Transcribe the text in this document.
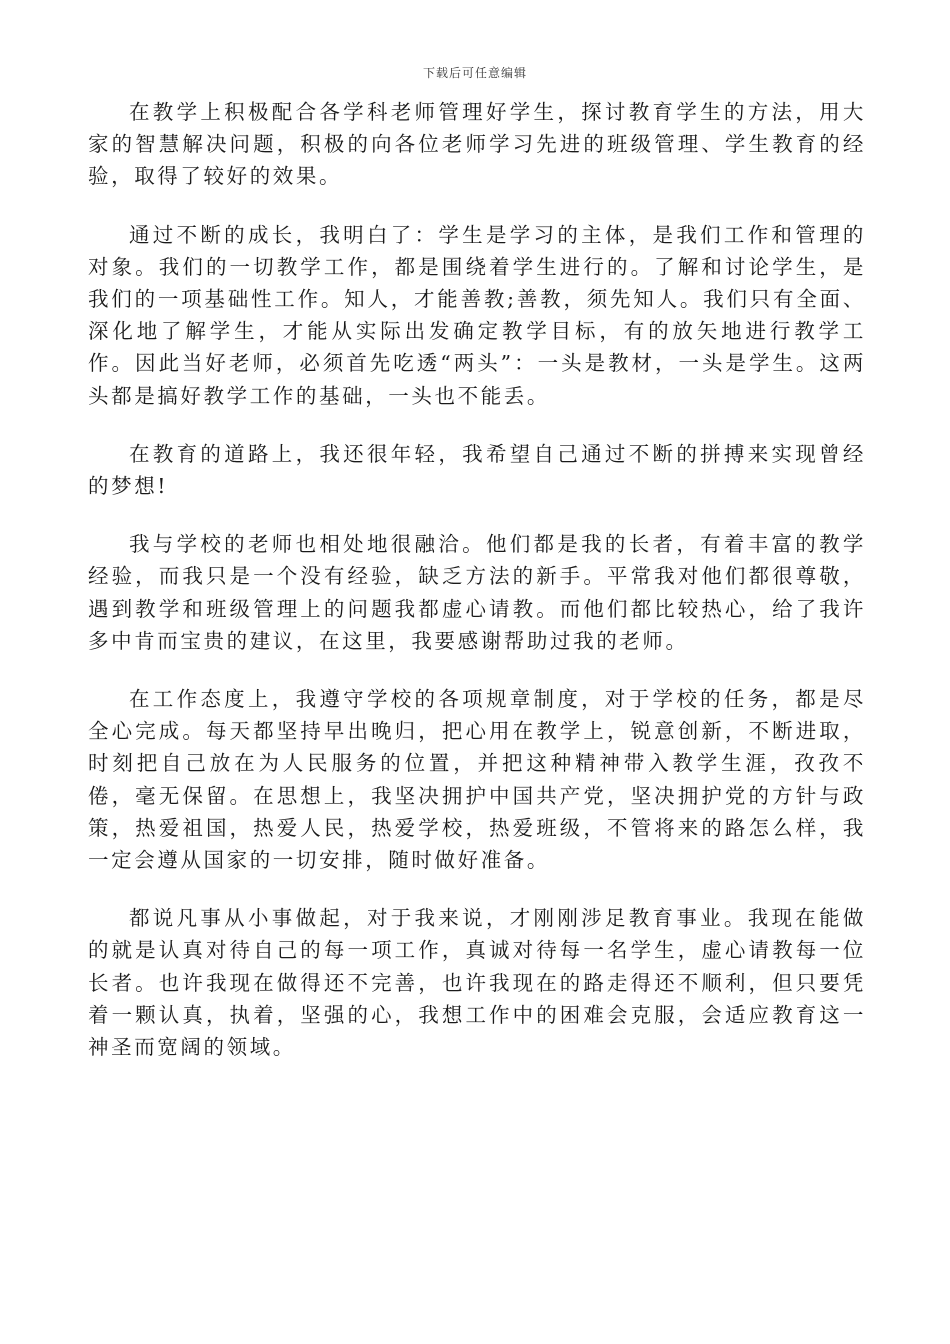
下载后可任意编辑

在教学上积极配合各学科老师管理好学生，探讨教育学生的方法，用大家的智慧解决问题，积极的向各位老师学习先进的班级管理、学生教育的经验，取得了较好的效果。

通过不断的成长，我明白了：学生是学习的主体，是我们工作和管理的对象。我们的一切教学工作，都是围绕着学生进行的。了解和讨论学生，是我们的一项基础性工作。知人，才能善教;善教，须先知人。我们只有全面、深化地了解学生，才能从实际出发确定教学目标，有的放矢地进行教学工作。因此当好老师，必须首先吃透“两头”：一头是教材，一头是学生。这两头都是搞好教学工作的基础，一头也不能丢。

在教育的道路上，我还很年轻，我希望自己通过不断的拼搏来实现曾经的梦想!

我与学校的老师也相处地很融洽。他们都是我的长者，有着丰富的教学经验，而我只是一个没有经验，缺乏方法的新手。平常我对他们都很尊敬，遇到教学和班级管理上的问题我都虚心请教。而他们都比较热心，给了我许多中肯而宝贵的建议，在这里，我要感谢帮助过我的老师。

在工作态度上，我遵守学校的各项规章制度，对于学校的任务，都是尽全心完成。每天都坚持早出晚归，把心用在教学上，锐意创新，不断进取，时刻把自己放在为人民服务的位置，并把这种精神带入教学生涯，孜孜不倦，毫无保留。在思想上，我坚决拥护中国共产党，坚决拥护党的方针与政策，热爱祖国，热爱人民，热爱学校，热爱班级，不管将来的路怎么样，我一定会遵从国家的一切安排，随时做好准备。

都说凡事从小事做起，对于我来说，才刚刚涉足教育事业。我现在能做的就是认真对待自己的每一项工作，真诚对待每一名学生，虚心请教每一位长者。也许我现在做得还不完善，也许我现在的路走得还不顺利，但只要凭着一颗认真，执着，坚强的心，我想工作中的困难会克服，会适应教育这一神圣而宽阔的领域。
